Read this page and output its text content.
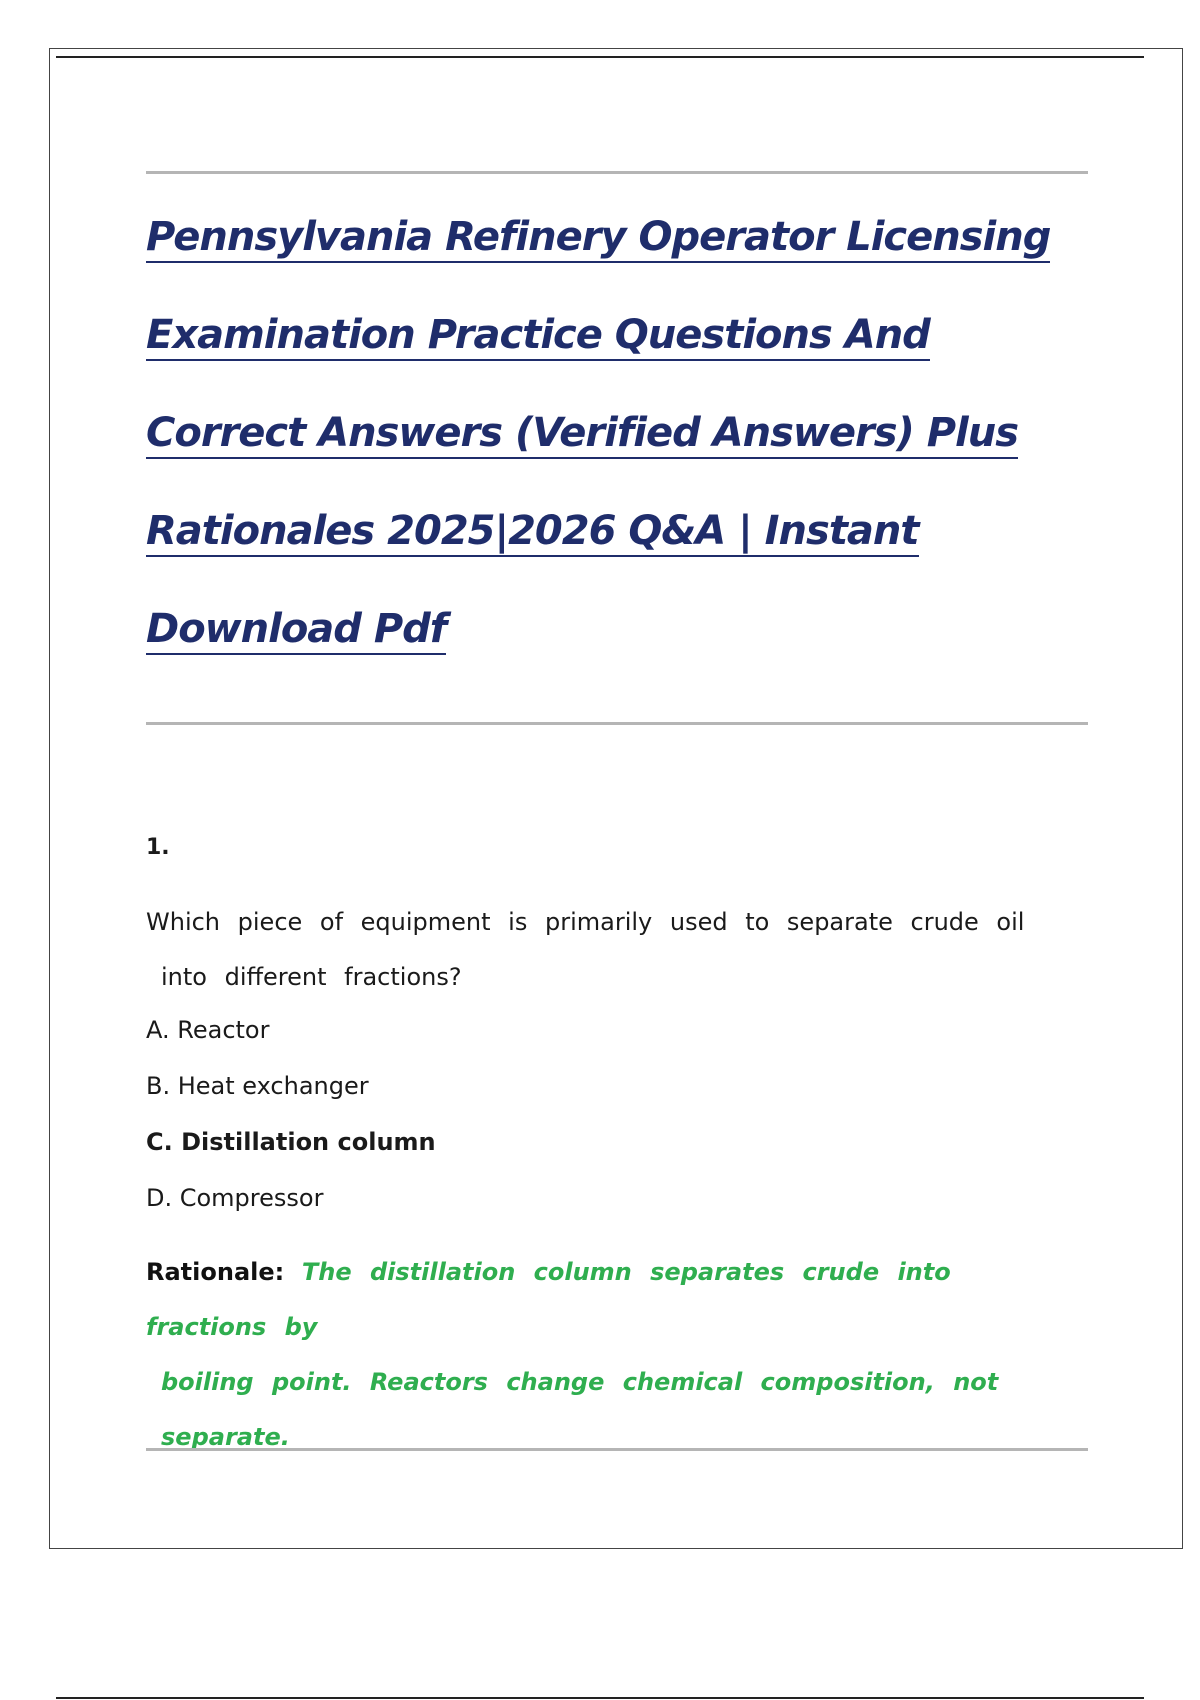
Pennsylvania Refinery Operator Licensing
Examination Practice Questions And
Correct Answers (Verified Answers) Plus
Rationales 2025|2026 Q&A | Instant
Download Pdf
1.

Which piece of equipment is primarily used to separate crude oil
into different fractions?

A. Reactor
B. Heat exchanger
C. Distillation column
D. Compressor
Rationale: The distillation column separates crude into fractions by
boiling point. Reactors change chemical composition, not
separate.
